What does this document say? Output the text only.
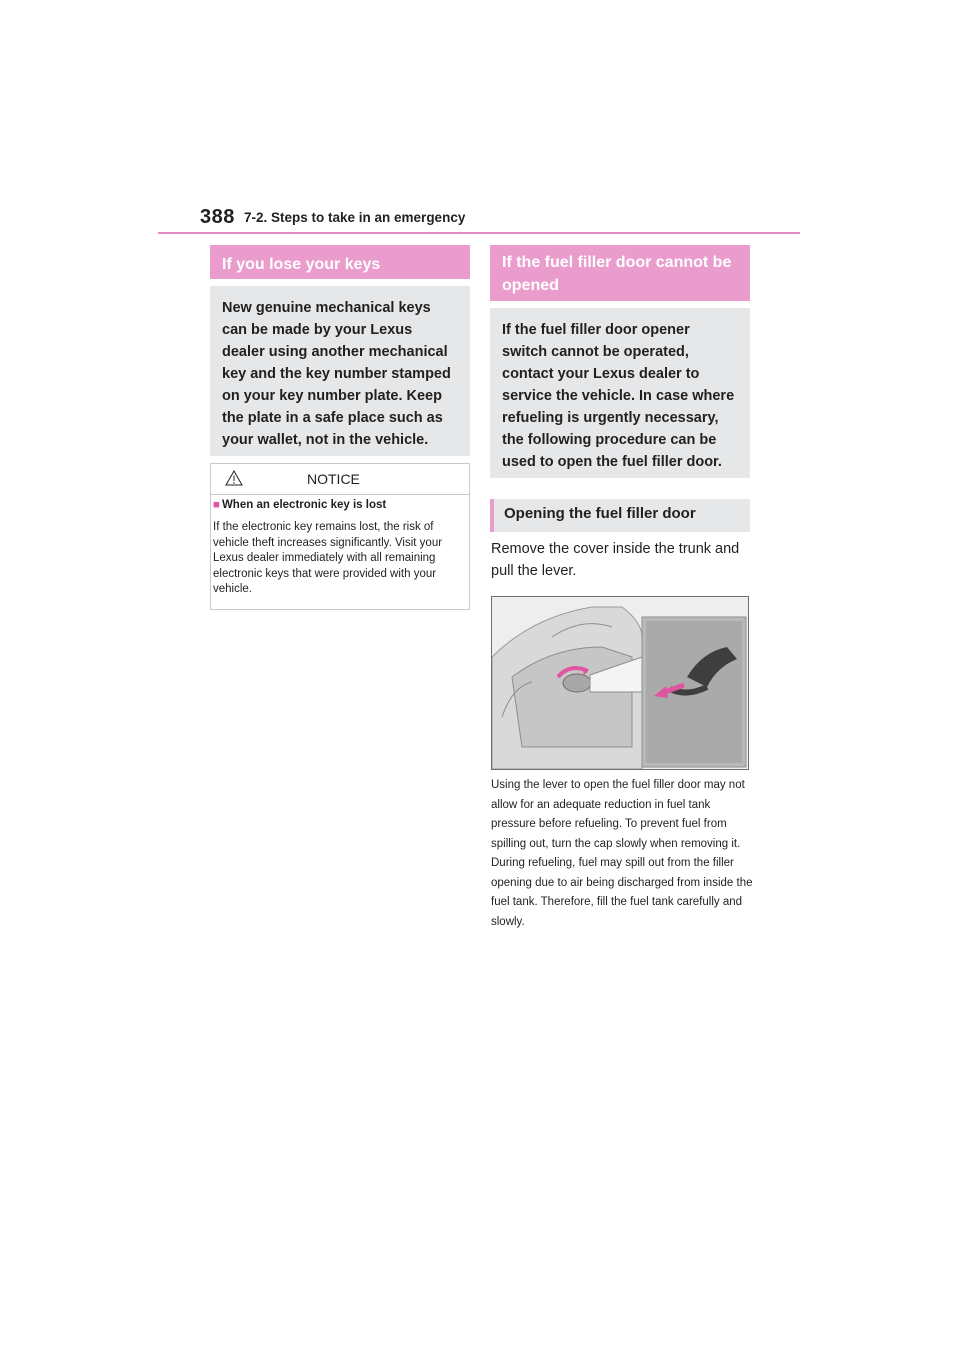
388 7-2. Steps to take in an emergency
If you lose your keys
New genuine mechanical keys can be made by your Lexus dealer using another mechanical key and the key number stamped on your key number plate. Keep the plate in a safe place such as your wallet, not in the vehicle.
NOTICE
■ When an electronic key is lost
If the electronic key remains lost, the risk of vehicle theft increases significantly. Visit your Lexus dealer immediately with all remaining electronic keys that were provided with your vehicle.
If the fuel filler door cannot be opened
If the fuel filler door opener switch cannot be operated, contact your Lexus dealer to service the vehicle. In case where refueling is urgently necessary, the following procedure can be used to open the fuel filler door.
Opening the fuel filler door
Remove the cover inside the trunk and pull the lever.
Using the lever to open the fuel filler door may not allow for an adequate reduction in fuel tank pressure before refueling. To prevent fuel from spilling out, turn the cap slowly when removing it. During refueling, fuel may spill out from the filler opening due to air being discharged from inside the fuel tank. Therefore, fill the fuel tank carefully and slowly.
